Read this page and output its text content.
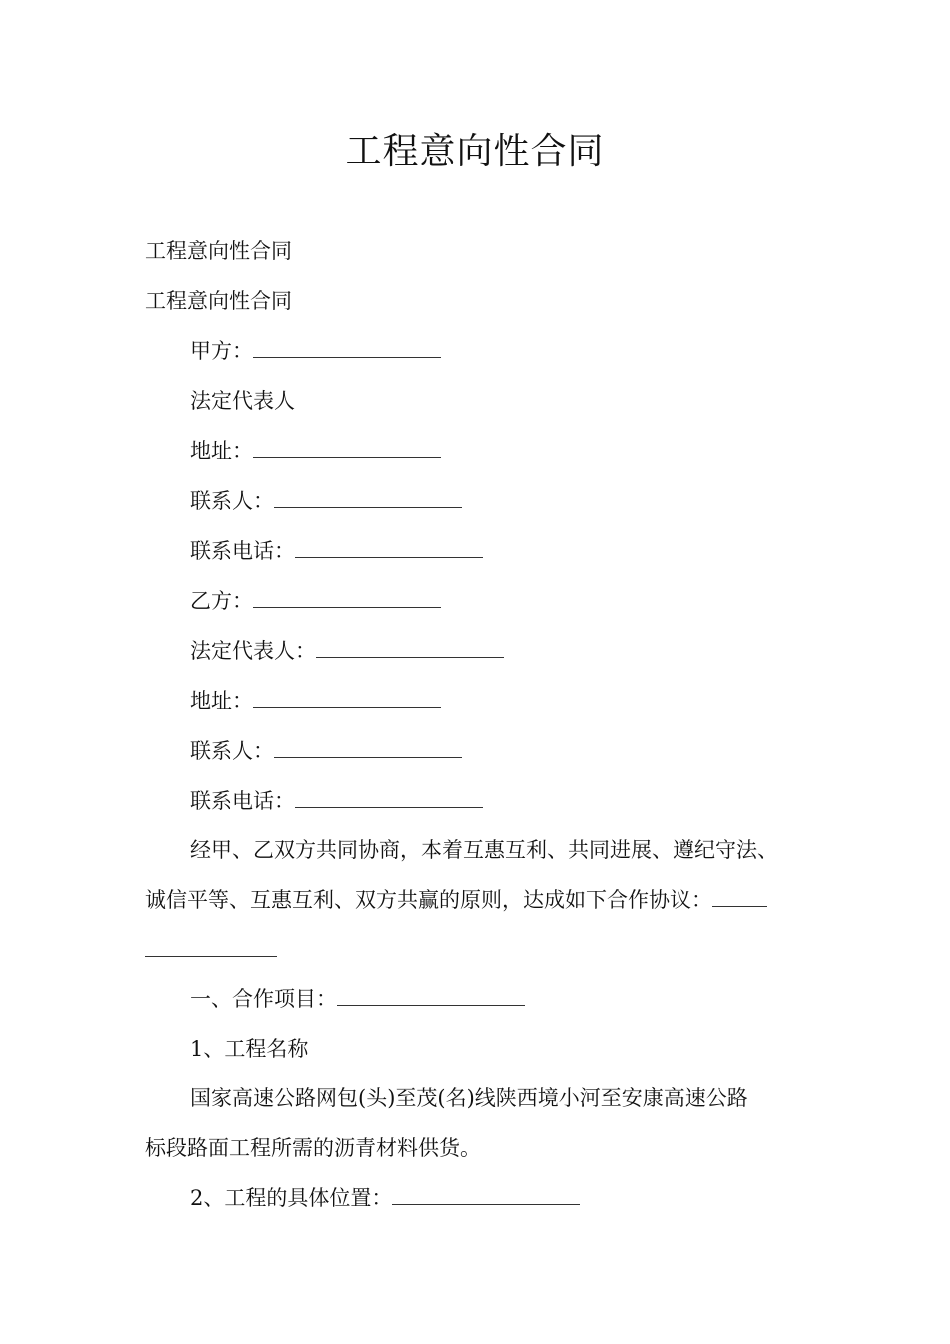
工程意向性合同
工程意向性合同
工程意向性合同
甲方：
法定代表人
地址：
联系人：
联系电话：
乙方：
法定代表人：
地址：
联系人：
联系电话：
经甲、乙双方共同协商，本着互惠互利、共同进展、遵纪守法、
诚信平等、互惠互利、双方共赢的原则，达成如下合作协议：
一、合作项目：
1、工程名称
国家高速公路网包(头)至茂(名)线陕西境小河至安康高速公路
标段路面工程所需的沥青材料供货。
2、工程的具体位置：
